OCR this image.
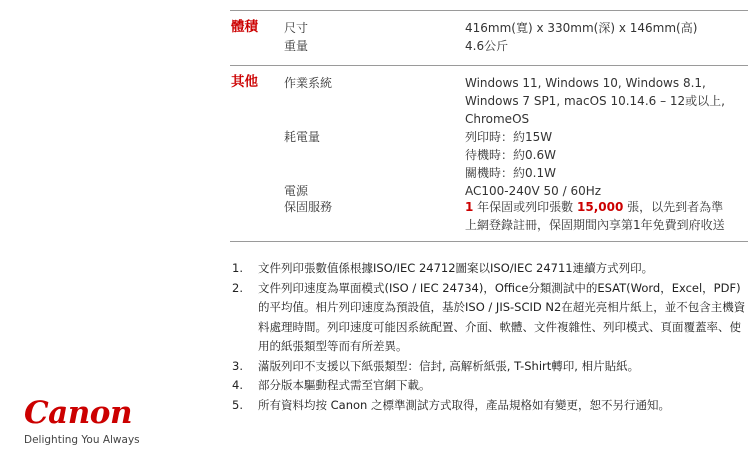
體積 尺寸	416mm(寬) x 330mm(深) x 146mm(高)
重量	4.6公斤
其他 作業系統	Windows 11, Windows 10, Windows 8.1,
Windows 7 SP1, macOS 10.14.6 – 12或以上,
ChromeOS
耗電量	列印時：約15W
待機時：約0.6W
關機時：約0.1W
電源	AC100-240V 50 / 60Hz
保固服務	1 年保固或列印張數 15,000 張，以先到者為準
上網登錄註冊，保固期間內享第1年免費到府收送
1.	文件列印張數值係根據ISO/IEC 24712圖案以ISO/IEC 24711連續方式列印。
2.	文件列印速度為單面模式(ISO / IEC 24734)，Office分類測試中的ESAT(Word，Excel，PDF)的平均值。相片列印速度為預設值，基於ISO / JIS-SCID N2在超光亮相片紙上，並不包含主機資料處理時間。列印速度可能因系統配置、介面、軟體、文件複雜性、列印模式、頁面覆蓋率、使用的紙張類型等而有所差異。
3.	滿版列印不支援以下紙張類型：信封, 高解析紙張, T-Shirt轉印, 相片貼紙。
4.	部分版本驅動程式需至官網下載。
5.	所有資料均按 Canon 之標準測試方式取得，產品規格如有變更，恕不另行通知。
Canon
Delighting You Always
